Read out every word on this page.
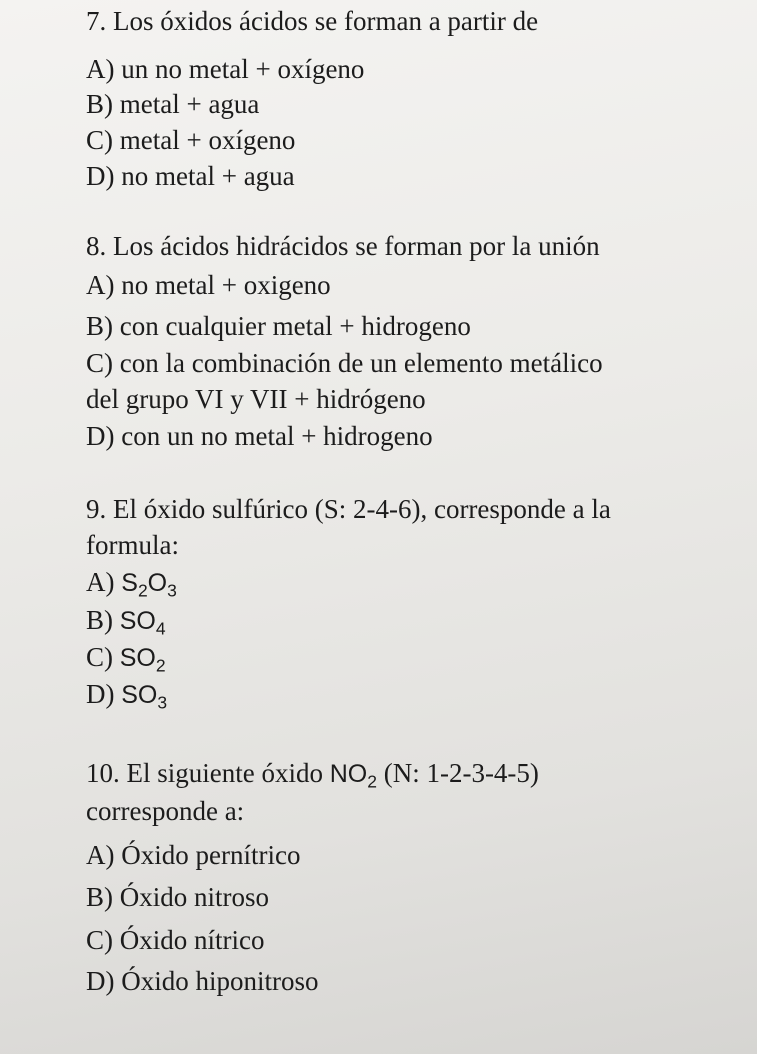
7. Los óxidos ácidos se forman a partir de
A) un no metal + oxígeno
B) metal + agua
C) metal + oxígeno
D) no metal + agua
8. Los ácidos hidrácidos se forman por la unión
A) no metal + oxigeno
B) con cualquier metal + hidrogeno
C) con la combinación de un elemento metálico
del grupo VI y VII + hidrógeno
D) con un no metal + hidrogeno
9. El óxido sulfúrico (S: 2-4-6), corresponde a la
formula:
A) $S_2O_3$
B) $SO_4$
C) $SO_2$
D) $SO_3$
10. El siguiente óxido $NO_2$ (N: 1-2-3-4-5)
corresponde a:
A) Óxido pernítrico
B) Óxido nitroso
C) Óxido nítrico
D) Óxido hiponitroso
